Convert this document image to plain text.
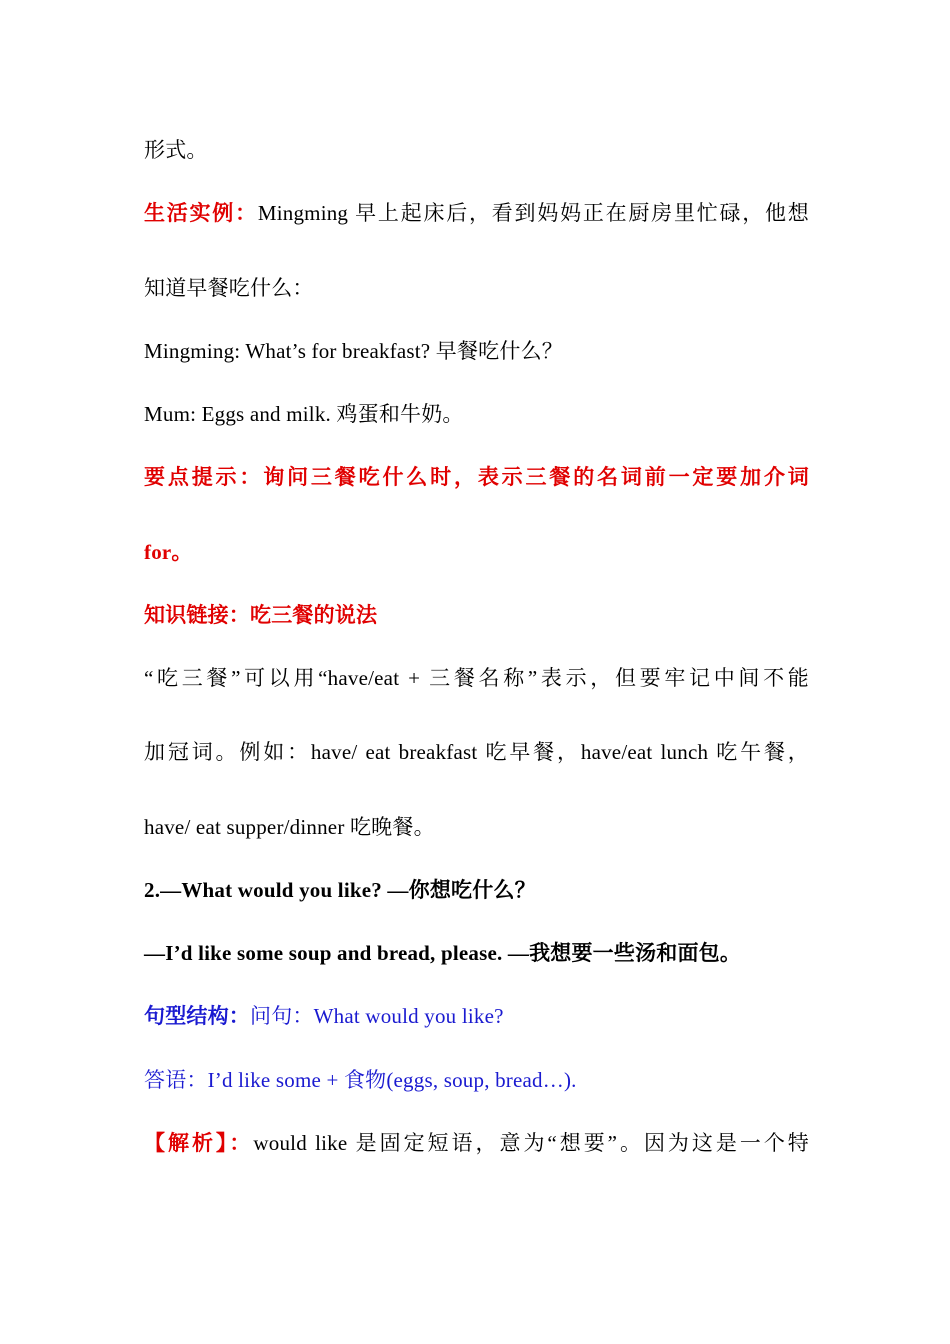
形式。
生活实例：Mingming 早上起床后，看到妈妈正在厨房里忙碌，他想
知道早餐吃什么：
Mingming: What’s for breakfast? 早餐吃什么？
Mum: Eggs and milk. 鸡蛋和牛奶。
要点提示：询问三餐吃什么时，表示三餐的名词前一定要加介词
for。
知识链接：吃三餐的说法
“吃三餐”可以用“have/eat + 三餐名称”表示，但要牢记中间不能
加冠词。例如：have/ eat breakfast 吃早餐，have/eat lunch 吃午餐，
have/ eat supper/dinner 吃晚餐。
2.—What would you like? —你想吃什么？
—I’d like some soup and bread, please. —我想要一些汤和面包。
句型结构：问句：What would you like?
答语：I’d like some + 食物(eggs, soup, bread…).
【解析】：would like 是固定短语，意为“想要”。因为这是一个特
